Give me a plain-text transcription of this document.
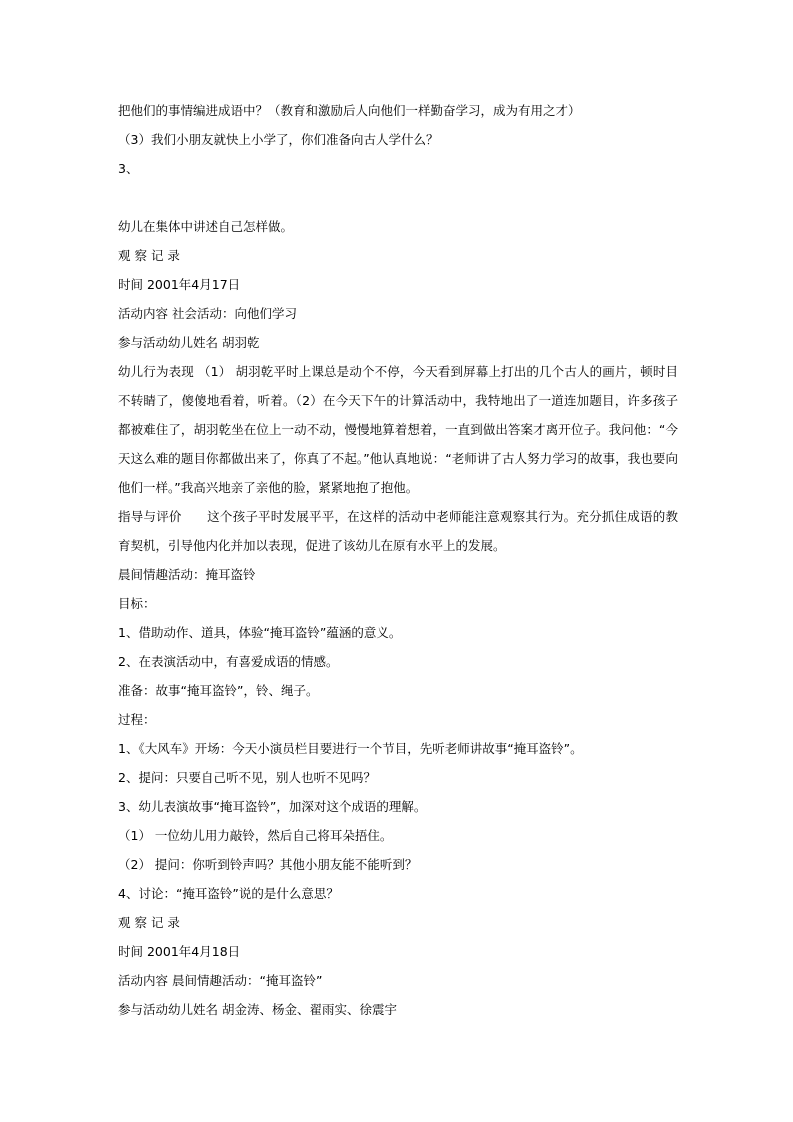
把他们的事情编进成语中？（教育和激励后人向他们一样勤奋学习，成为有用之才）
（3）我们小朋友就快上小学了，你们准备向古人学什么？
3、
幼儿在集体中讲述自己怎样做。
观 察 记 录
时间 2001年4月17日
活动内容 社会活动：向他们学习
参与活动幼儿姓名 胡羽乾
幼儿行为表现 （1） 胡羽乾平时上课总是动个不停，今天看到屏幕上打出的几个古人的画片，顿时目不转睛了，傻傻地看着，听着。（2）在今天下午的计算活动中，我特地出了一道连加题目，许多孩子都被难住了，胡羽乾坐在位上一动不动，慢慢地算着想着，一直到做出答案才离开位子。我问他：“今天这么难的题目你都做出来了，你真了不起。”他认真地说：“老师讲了古人努力学习的故事，我也要向他们一样。”我高兴地亲了亲他的脸，紧紧地抱了抱他。
指导与评价　　这个孩子平时发展平平，在这样的活动中老师能注意观察其行为。充分抓住成语的教育契机，引导他内化并加以表现，促进了该幼儿在原有水平上的发展。
晨间情趣活动：掩耳盗铃
目标：
1、借助动作、道具，体验“掩耳盗铃”蕴涵的意义。
2、在表演活动中，有喜爱成语的情感。
准备：故事“掩耳盗铃”，铃、绳子。
过程：
1、《大风车》开场：今天小演员栏目要进行一个节目，先听老师讲故事“掩耳盗铃”。
2、提问：只要自己听不见，别人也听不见吗？
3、幼儿表演故事“掩耳盗铃”，加深对这个成语的理解。
（1） 一位幼儿用力敲铃，然后自己将耳朵捂住。
（2） 提问：你听到铃声吗？其他小朋友能不能听到？
4、讨论：“掩耳盗铃”说的是什么意思？
观 察 记 录
时间 2001年4月18日
活动内容 晨间情趣活动：“掩耳盗铃”
参与活动幼儿姓名 胡金涛、杨金、翟雨实、徐震宇
